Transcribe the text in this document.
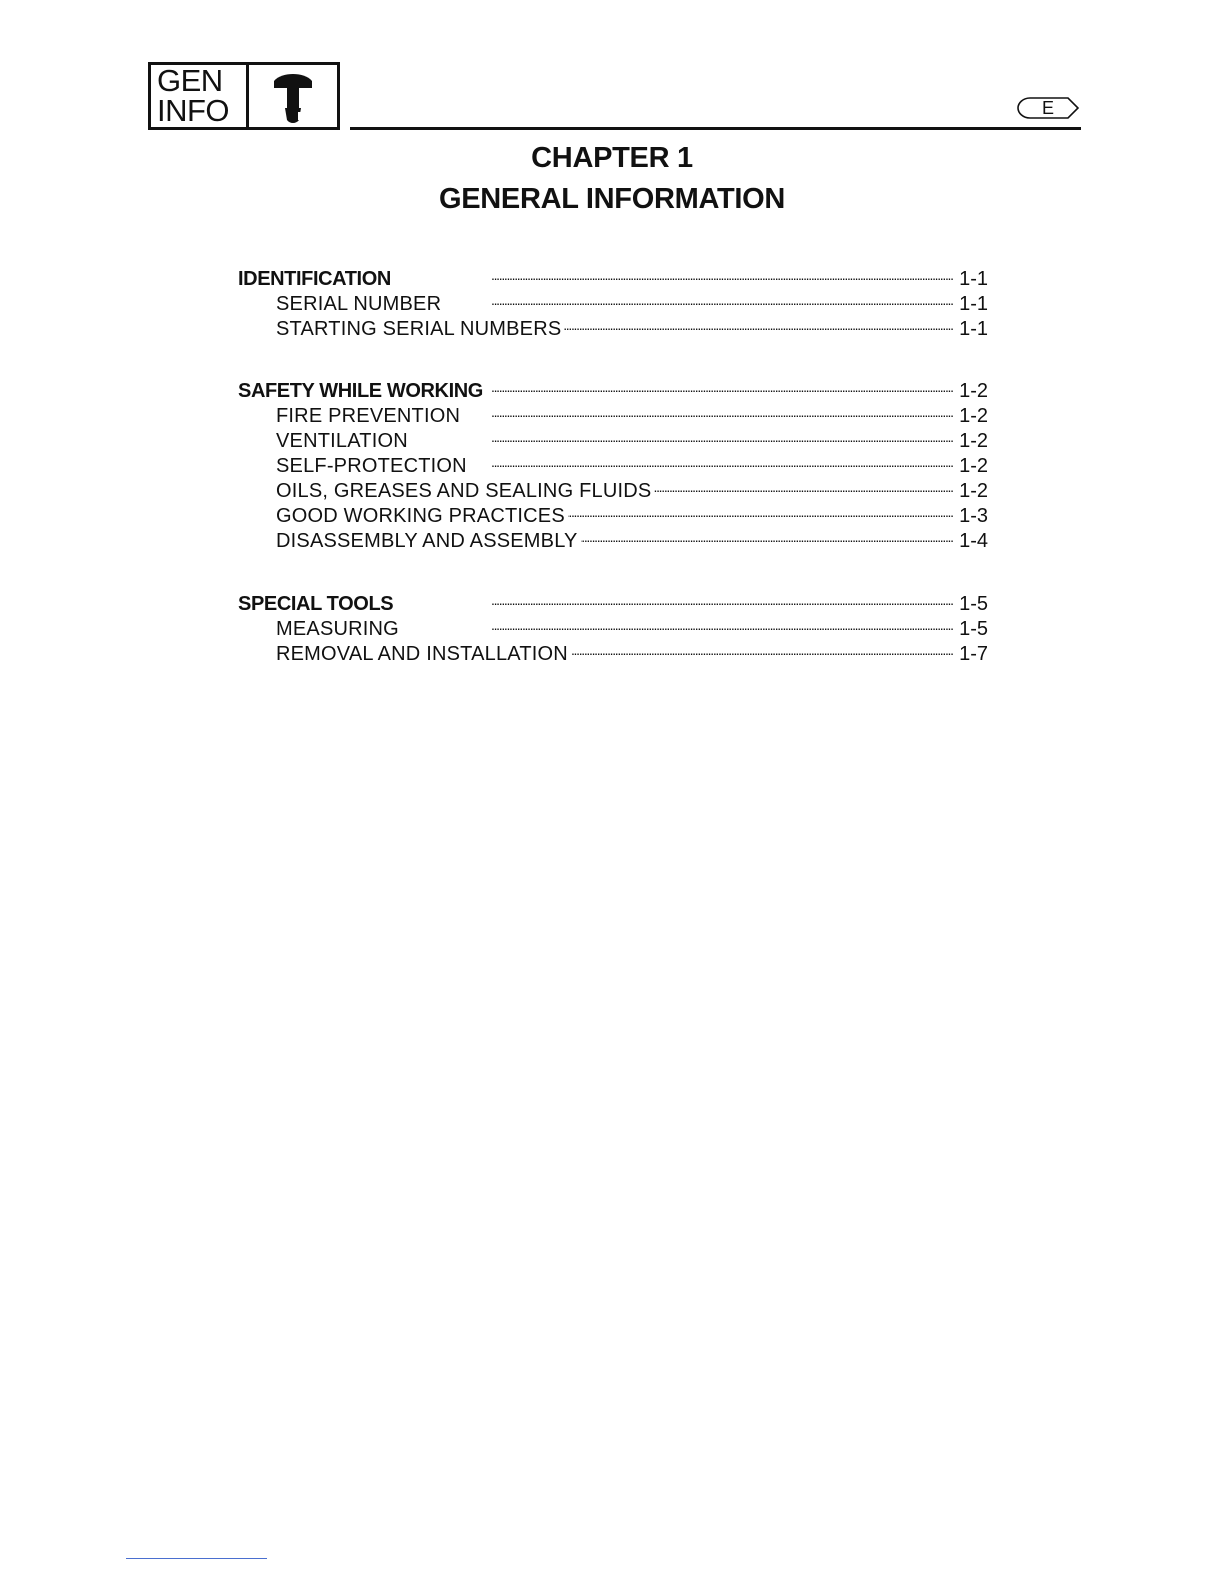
GEN
INFO	E
CHAPTER 1
GENERAL INFORMATION
IDENTIFICATION . . .	1-1
SERIAL NUMBER . . .	1-1
STARTING SERIAL NUMBERS . . .	1-1
SAFETY WHILE WORKING . . .	1-2
FIRE PREVENTION . . .	1-2
VENTILATION . . .	1-2
SELF-PROTECTION . . .	1-2
OILS, GREASES AND SEALING FLUIDS . . .	1-2
GOOD WORKING PRACTICES . . .	1-3
DISASSEMBLY AND ASSEMBLY . . .	1-4
SPECIAL TOOLS . . .	1-5
MEASURING . . .	1-5
REMOVAL AND INSTALLATION . . .	1-7
